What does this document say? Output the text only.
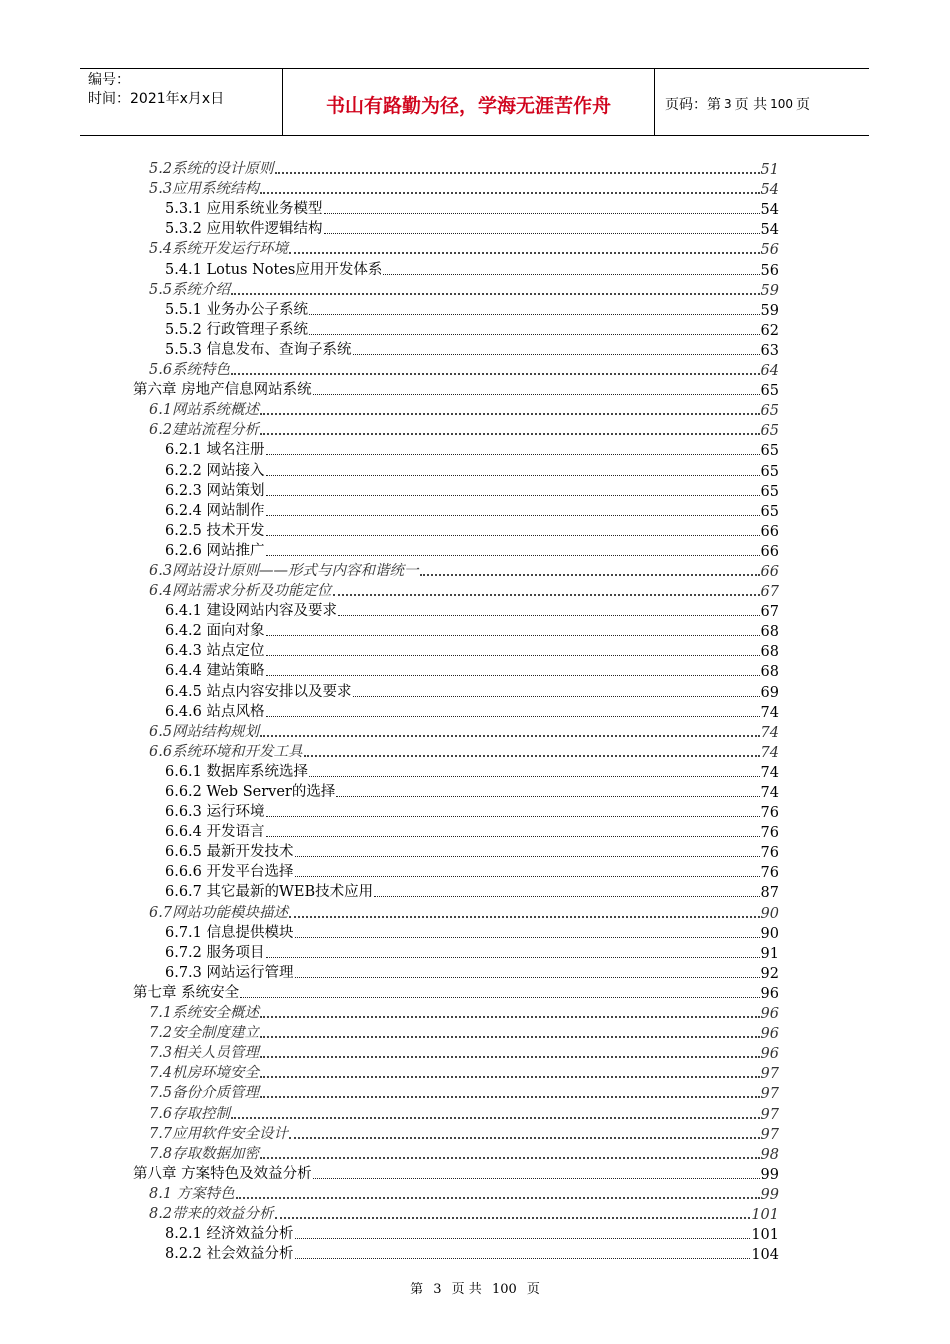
编号：
时间：2021年x月x日	书山有路勤为径，学海无涯苦作舟	页码：第 3 页 共 100 页
5.2系统的设计原则	51
5.3应用系统结构	54
5.3.1 应用系统业务模型	54
5.3.2 应用软件逻辑结构	54
5.4系统开发运行环境	56
5.4.1 Lotus Notes应用开发体系	56
5.5系统介绍	59
5.5.1 业务办公子系统	59
5.5.2 行政管理子系统	62
5.5.3 信息发布、查询子系统	63
5.6系统特色	64
第六章 房地产信息网站系统	65
6.1网站系统概述	65
6.2建站流程分析	65
6.2.1 域名注册	65
6.2.2 网站接入	65
6.2.3 网站策划	65
6.2.4 网站制作	65
6.2.5 技术开发	66
6.2.6 网站推广	66
6.3网站设计原则——形式与内容和谐统一	66
6.4网站需求分析及功能定位	67
6.4.1 建设网站内容及要求	67
6.4.2 面向对象	68
6.4.3 站点定位	68
6.4.4 建站策略	68
6.4.5 站点内容安排以及要求	69
6.4.6 站点风格	74
6.5网站结构规划	74
6.6系统环境和开发工具	74
6.6.1 数据库系统选择	74
6.6.2 Web Server的选择	74
6.6.3 运行环境	76
6.6.4 开发语言	76
6.6.5 最新开发技术	76
6.6.6 开发平台选择	76
6.6.7 其它最新的WEB技术应用	87
6.7网站功能模块描述	90
6.7.1 信息提供模块	90
6.7.2 服务项目	91
6.7.3 网站运行管理	92
第七章 系统安全	96
7.1系统安全概述	96
7.2安全制度建立	96
7.3相关人员管理	96
7.4机房环境安全	97
7.5备份介质管理	97
7.6存取控制	97
7.7应用软件安全设计	97
7.8存取数据加密	98
第八章 方案特色及效益分析	99
8.1 方案特色	99
8.2带来的效益分析	101
8.2.1 经济效益分析	101
8.2.2 社会效益分析	104
第 3 页 共 100 页
